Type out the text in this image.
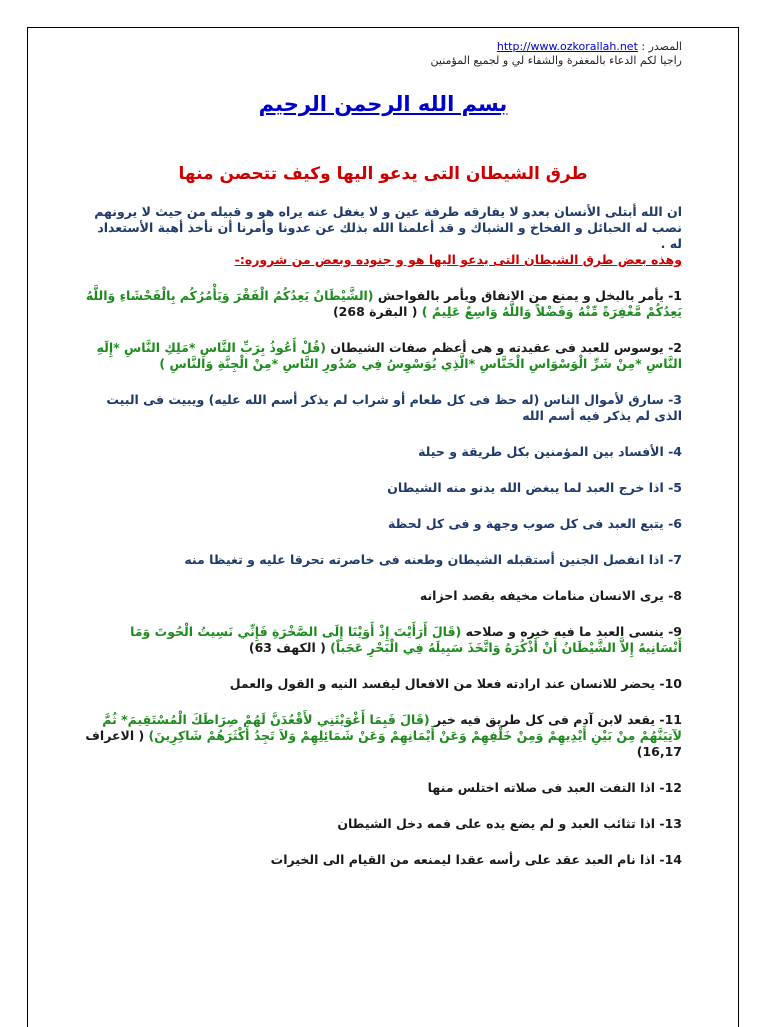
المصدر : http://www.ozkorallah.net
راجيا لكم الدعاء بالمغفرة والشفاء لي و لجميع المؤمنين
بسم الله الرحمن الرحيم
طرق الشيطان التى يدعو اليها وكيف تتحصن منها
ان الله أبتلى الأنسان بعدو لا يفارقه طرفة عين و لا يغفل عنه يراه هو و قبيله من حيث لا يرونهم نصب له الحبائل و الفخاخ و الشباك و قد أعلمنا الله بذلك عن عدونا وأمرنا أن نأخذ أهبة الأستعداد له .
وهذه بعض طرق الشيطان التى يدعو اليها هو و جنوده وبعض من شروره:-
1- يأمر بالبخل و يمنع من الانفاق ويأمر بالفواحش (الشَّيْطَانُ يَعِدُكُمُ الْفَقْرَ وَيَأْمُرُكُم بِالْفَحْشَاءِ وَاللَّهُ يَعِدُكُمْ مَّغْفِرَةً مِّنْهُ وَفَضْلاً وَاللَّهُ وَاسِعٌ عَلِيمٌ ) ( البقرة 268)
2- يوسوس للعبد فى عقيدته و هى أعظم صفات الشيطان (قُلْ أَعُوذُ بِرَبِّ النَّاسِ *مَلِكِ النَّاسِ *إِلَهِ النَّاسِ *مِنْ شَرِّ الْوَسْوَاسِ الْخَنَّاسِ *الَّذِي يُوَسْوِسُ فِي صُدُورِ النَّاسِ *مِنْ الْجِنَّةِ وَالنَّاسِ )
3- سارق لأموال الناس (له حظ فى كل طعام أو شراب لم يذكر أسم الله عليه) ويبيت فى البيت الذى لم يذكر فيه أسم الله
4- الأفساد بين المؤمنين بكل طريقة و حيلة
5- اذا خرج العبد لما يبغض الله يدنو منه الشيطان
6- يتبع العبد فى كل صوب وجهة و فى كل لحظة
7- اذا انفصل الجنين أستقبله الشيطان وطعنه فى خاصرته تحرقا عليه و تغيظا منه
8- يرى الانسان منامات مخيفه بقصد احزانه
9- ينسى العبد ما فيه خيره و صلاحه (قَالَ أَرَأَيْتَ إِذْ أَوَيْنَا إِلَى الصَّخْرَةِ فَإِنِّي نَسِيتُ الْحُوتَ وَمَا أَنْسَانِيهُ إِلاَّ الشَّيْطَانُ أَنْ أَذْكُرَهُ وَاتَّخَذَ سَبِيلَهُ فِي الْبَحْرِ عَجَباً) ( الكهف 63)
10- يحضر للانسان عند ارادته فعلا من الافعال ليفسد النيه و القول والعمل
11- يقعد لابن آدم فى كل طريق فيه خير (قَالَ فَبِمَا أَغْوَيْتَنِي لأَقْعُدَنَّ لَهُمْ صِرَاطَكَ الْمُسْتَقِيمَ* ثُمَّ لآتِيَنَّهُمْ مِنْ بَيْنِ أَيْدِيهِمْ وَمِنْ خَلْفِهِمْ وَعَنْ أَيْمَانِهِمْ وَعَنْ شَمَائِلِهِمْ وَلاَ تَجِدُ أَكْثَرَهُمْ شَاكِرِينَ) ( الاعراف 16,17)
12- اذا التفت العبد فى صلاته اختلس منها
13- اذا تثائب العبد و لم يضع يده على فمه دخل الشيطان
14- اذا نام العبد عقد على رأسه عقدا ليمنعه من القيام الى الخيرات
